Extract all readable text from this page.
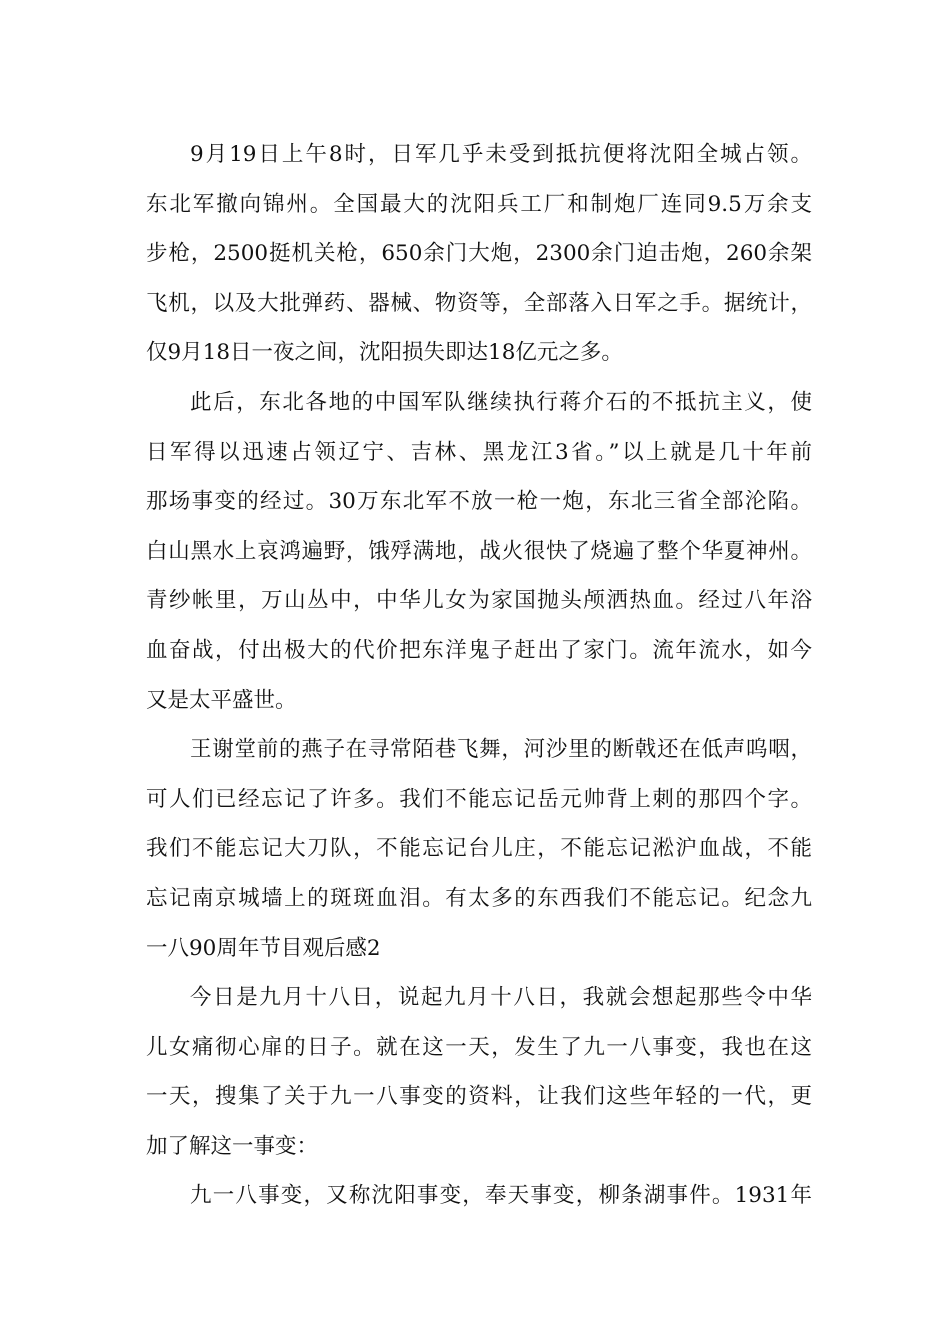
9月19日上午8时，日军几乎未受到抵抗便将沈阳全城占领。
东北军撤向锦州。全国最大的沈阳兵工厂和制炮厂连同9.5万余支
步枪，2500挺机关枪，650余门大炮，2300余门迫击炮，260余架
飞机，以及大批弹药、器械、物资等，全部落入日军之手。据统计，
仅9月18日一夜之间，沈阳损失即达18亿元之多。
此后，东北各地的中国军队继续执行蒋介石的不抵抗主义，使
日军得以迅速占领辽宁、吉林、黑龙江3省。”以上就是几十年前
那场事变的经过。30万东北军不放一枪一炮，东北三省全部沦陷。
白山黑水上哀鸿遍野，饿殍满地，战火很快了烧遍了整个华夏神州。
青纱帐里，万山丛中，中华儿女为家国抛头颅洒热血。经过八年浴
血奋战，付出极大的代价把东洋鬼子赶出了家门。流年流水，如今
又是太平盛世。
王谢堂前的燕子在寻常陌巷飞舞，河沙里的断戟还在低声呜咽，
可人们已经忘记了许多。我们不能忘记岳元帅背上刺的那四个字。
我们不能忘记大刀队，不能忘记台儿庄，不能忘记淞沪血战，不能
忘记南京城墙上的斑斑血泪。有太多的东西我们不能忘记。纪念九
一八90周年节目观后感2
今日是九月十八日，说起九月十八日，我就会想起那些令中华
儿女痛彻心扉的日子。就在这一天，发生了九一八事变，我也在这
一天，搜集了关于九一八事变的资料，让我们这些年轻的一代，更
加了解这一事变：
九一八事变，又称沈阳事变，奉天事变，柳条湖事件。1931年
